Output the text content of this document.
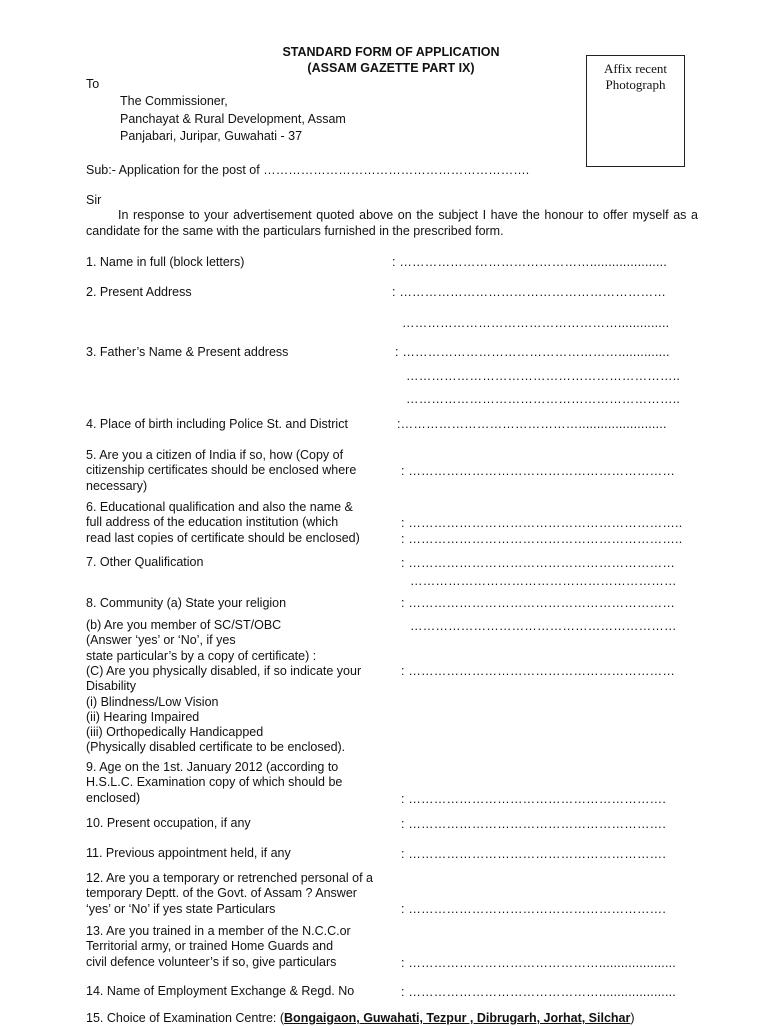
STANDARD FORM OF APPLICATION
(ASSAM GAZETTE PART IX)	Affix recent
Photograph
To
The Commissioner,
Panchayat & Rural Development, Assam
Panjabari, Juripar, Guwahati - 37
Sub:- Application for the post of ……………………………………………………….
Sir
In response to your advertisement quoted above on the subject I have the honour to offer myself as a candidate for the same with the particulars furnished in the prescribed form.
1. Name in full (block letters)	: ……………………………………….....................
2. Present Address	: ………………………………………………………
……………………………………………..............
3. Father’s Name & Present address	: ……………………………………………..............
………………………………………………………..
………………………………………………………..
4. Place of birth including Police St. and District	:……………………………………........................
5. Are you a citizen of India if so, how (Copy of
citizenship certificates should be enclosed where
necessary)
: ………………………………………………………
6. Educational qualification and also the name &
full address of the education institution (which
read last copies of certificate should be enclosed)
: ………………………………………………………..
: ………………………………………………………..
7. Other Qualification	: ………………………………………………………
………………………………………………………
8. Community (a) State your religion	: ………………………………………………………
(b) Are you member of SC/ST/OBC
(Answer ‘yes’ or ‘No’, if yes
state particular’s by a copy of certificate) :
………………………………………………………
(C) Are you physically disabled, if so indicate your
Disability
(i) Blindness/Low Vision
(ii) Hearing Impaired
(iii) Orthopedically Handicapped
(Physically disabled certificate to be enclosed).
: ………………………………………………………
9. Age on the 1st. January 2012 (according to
H.S.L.C. Examination copy of which should be
enclosed)	: …………………………………………………….
10. Present occupation, if any	: …………………………………………………….
11. Previous appointment held, if any	: …………………………………………………….
12. Are you a temporary or retrenched personal of a
temporary Deptt. of the Govt. of Assam ? Answer
‘yes’ or ‘No’ if yes state Particulars	: …………………………………………………….
13. Are you trained in a member of the N.C.C.or
Territorial army, or trained Home Guards and
civil defence volunteer’s if so, give particulars	: ……………………………………….....................
14. Name of Employment Exchange & Regd. No	: ……………………………………….....................
15. Choice of Examination Centre: (Bongaigaon, Guwahati, Tezpur , Dibrugarh, Jorhat, Silchar)
